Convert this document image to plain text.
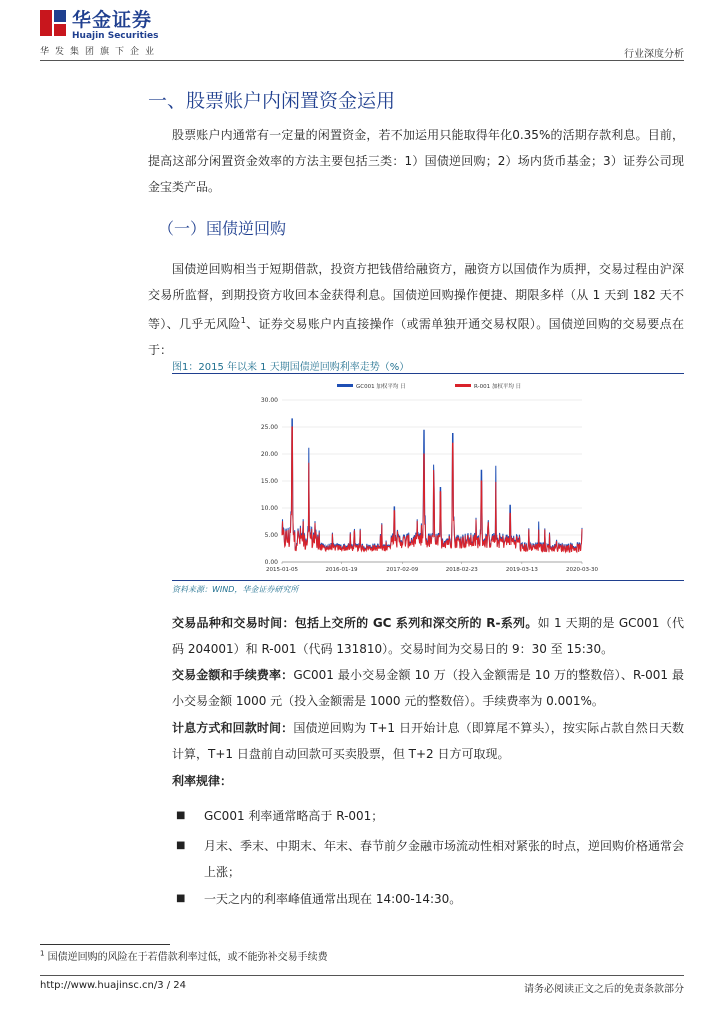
华金证券
Huajin Securities
华发集团旗下企业	行业深度分析
一、股票账户内闲置资金运用
股票账户内通常有一定量的闲置资金，若不加运用只能取得年化0.35%的活期存款利息。目前，提高这部分闲置资金效率的方法主要包括三类：1）国债逆回购；2）场内货币基金；3）证券公司现金宝类产品。
（一）国债逆回购
国债逆回购相当于短期借款，投资方把钱借给融资方，融资方以国债作为质押，交易过程由沪深交易所监督，到期投资方收回本金获得利息。国债逆回购操作便捷、期限多样（从 1 天到 182 天不等）、几乎无风险$^1$、证券交易账户内直接操作（或需单独开通交易权限）。国债逆回购的交易要点在于：
图1：2015 年以来 1 天期国债逆回购利率走势（%）
GC001 加权平均 日	R-001 加权平均 日
0.00
5.00
10.00
15.00
20.00
25.00
30.00
2015-01-05	2016-01-19	2017-02-09	2018-02-23	2019-03-13	2020-03-30
资料来源：WIND，华金证券研究所
交易品种和交易时间：包括上交所的 GC 系列和深交所的 R-系列。如 1 天期的是 GC001（代码 204001）和 R-001（代码 131810）。交易时间为交易日的 9：30 至 15:30。
交易金额和手续费率：GC001 最小交易金额 10 万（投入金额需是 10 万的整数倍）、R-001 最小交易金额 1000 元（投入金额需是 1000 元的整数倍）。手续费率为 0.001%。
计息方式和回款时间：国债逆回购为 T+1 日开始计息（即算尾不算头），按实际占款自然日天数计算，T+1 日盘前自动回款可买卖股票，但 T+2 日方可取现。
利率规律：
■ GC001 利率通常略高于 R-001；
■ 月末、季末、中期末、年末、春节前夕金融市场流动性相对紧张的时点，逆回购价格通常会上涨；
■ 一天之内的利率峰值通常出现在 14:00-14:30。
$^1$ 国债逆回购的风险在于若借款利率过低，或不能弥补交易手续费
http://www.huajinsc.cn/3 / 24	请务必阅读正文之后的免责条款部分
